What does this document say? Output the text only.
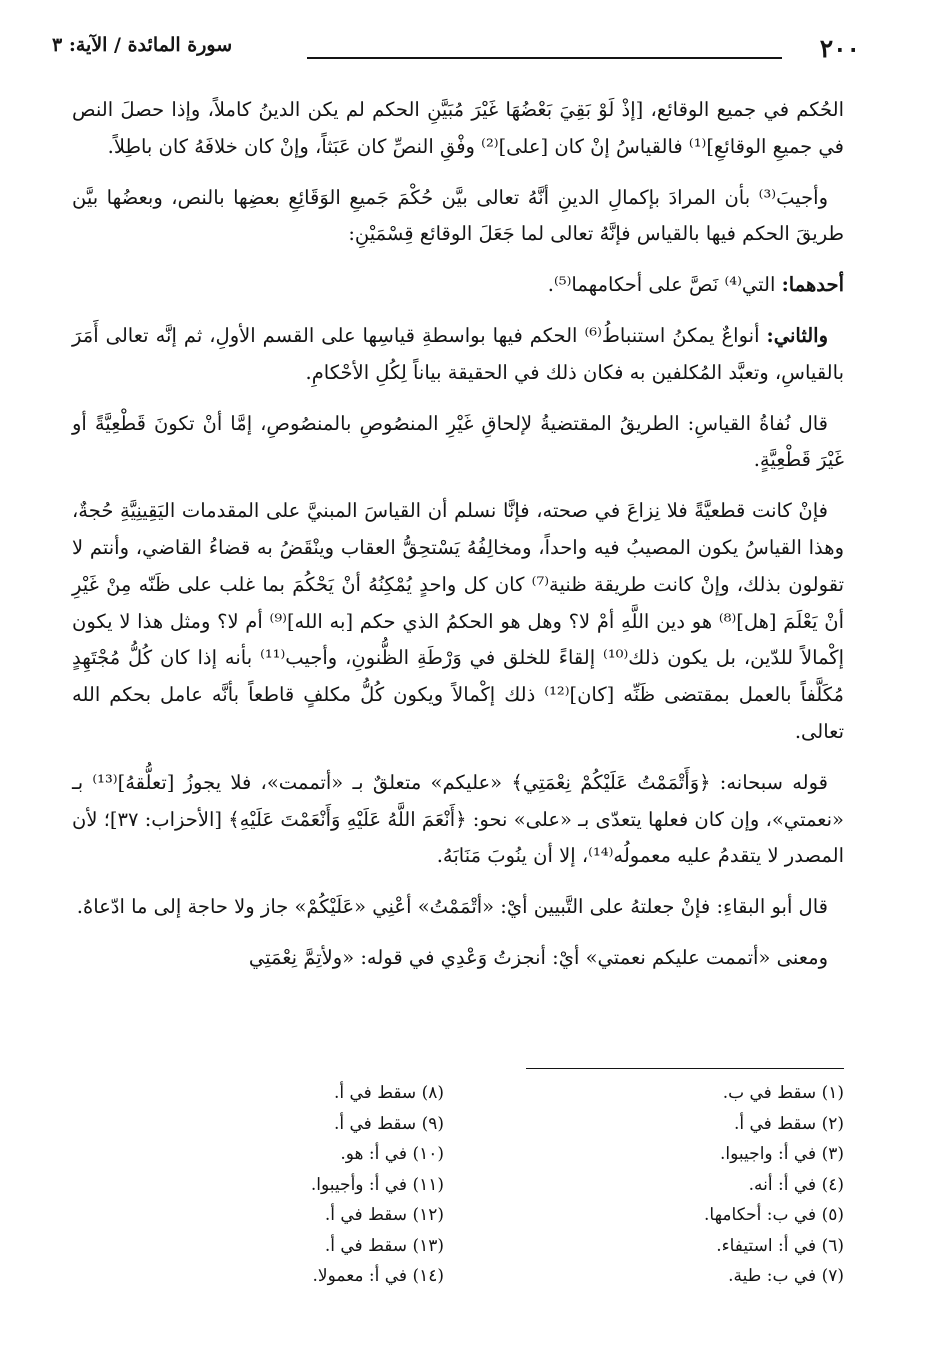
٢٠٠
سورة المائدة / الآية: ٣

الحُكم في جميع الوقائع، [إذْ لَوْ بَقِيَ بَعْضُهَا غَيْرَ مُبَيَّنِ الحكم لم يكن الدينُ كاملاً، وإذا حصلَ النص في جميعِ الوقائعِ]⁽¹⁾ فالقياسُ إنْ كان [على]⁽²⁾ وفْقِ النصِّ كان عَبَثاً، وإنْ كان خلافَهُ كان باطِلاً.

وأجيبَ⁽³⁾ بأن المرادَ بإكمالِ الدينِ أنَّهُ تعالى بيَّن حُكْمَ جَميعِ الوَقَائِعِ بعضِها بالنص، وبعضُها بيَّن طريقَ الحكم فيها بالقياس فإنَّهُ تعالى لما جَعَلَ الوقائع قِسْمَيْنِ:

أحدهما: التي⁽⁴⁾ نَصَّ على أحكامهما⁽⁵⁾.

والثاني: أنواعٌ يمكنُ استنباطُ⁽⁶⁾ الحكم فيها بواسطةِ قياسِها على القسم الأولِ، ثم إنَّه تعالى أَمَرَ بالقياسِ، وتعبَّد المُكلفين به فكان ذلك في الحقيقة بياناً لِكُلِ الأحْكامِ.

قال نُفاةُ القياسِ: الطريقُ المقتضيةُ لإلحاقِ غَيْرِ المنصُوصِ بالمنصُوصِ، إمَّا أنْ تكونَ قَطْعِيَّةً أو غَيْرَ قَطْعِيَّةٍ.

فإنْ كانت قطعيَّةً فلا نِزاعَ في صحته، فإنَّا نسلم أن القياسَ المبنيَّ على المقدمات اليَقِينِيَّةِ حُجةٌ، وهذا القياسُ يكون المصيبُ فيه واحداً، ومخالِفُهُ يَسْتحِقُّ العقاب وينْقَضُ به قضاءُ القاضي، وأنتم لا تقولون بذلك، وإنْ كانت طريقة ظنية⁽⁷⁾ كان كل واحدٍ يُمْكِنُهُ أنْ يَحْكُمَ بما غلب على ظَنّه مِنْ غَيْرِ أنْ يَعْلَمَ [هل]⁽⁸⁾ هو دين اللَّهِ أمْ لا؟ وهل هو الحكمُ الذي حكم [به الله]⁽⁹⁾ أم لا؟ ومثل هذا لا يكون إكْمالاً للدّين، بل يكون ذلك⁽¹⁰⁾ إلقاءً للخلق في وَرْطَةِ الظُّنونِ، وأجيب⁽¹¹⁾ بأنه إذا كان كُلُّ مُجْتَهِدٍ مُكَلَّفاً بالعمل بمقتضى ظَنِّه [كان]⁽¹²⁾ ذلك إكْمالاً ويكون كُلُّ مكلفٍ قاطعاً بأنَّه عامل بحكم الله تعالى.

قوله سبحانه: ﴿وَأَتْمَمْتُ عَلَيْكُمْ نِعْمَتِي﴾ «عليكم» متعلقٌ بـ «أتممت»، فلا يجوزُ [تعلُّقهُ]⁽¹³⁾ بـ «نعمتي»، وإن كان فعلها يتعدّى بـ «على» نحو: ﴿أَنْعَمَ اللَّهُ عَلَيْهِ وَأَنْعَمْتَ عَلَيْهِ﴾ [الأحزاب: ٣٧]؛ لأن المصدر لا يتقدمُ عليه معمولُه⁽¹⁴⁾، إلا أن ينُوبَ مَنَابَهُ.

قال أبو البقاءِ: فإنْ جعلتهُ على التَّبيين أيْ: «أتْمَمْتُ» أعْنِي «عَلَيْكُمْ» جاز ولا حاجة إلى ما ادّعاهُ.

ومعنى «أتممت عليكم نعمتي» أيْ: أنجزتُ وَعْدِي في قوله: «ولأتِمَّ نِعْمَتِي

(١) سقط في ب.
(٢) سقط في أ.
(٣) في أ: واجيبوا.
(٤) في أ: أنه.
(٥) في ب: أحكامها.
(٦) في أ: استيفاء.
(٧) في ب: طية.
(٨) سقط في أ.
(٩) سقط في أ.
(١٠) في أ: هو.
(١١) في أ: وأجيبوا.
(١٢) سقط في أ.
(١٣) سقط في أ.
(١٤) في أ: معمولا.
